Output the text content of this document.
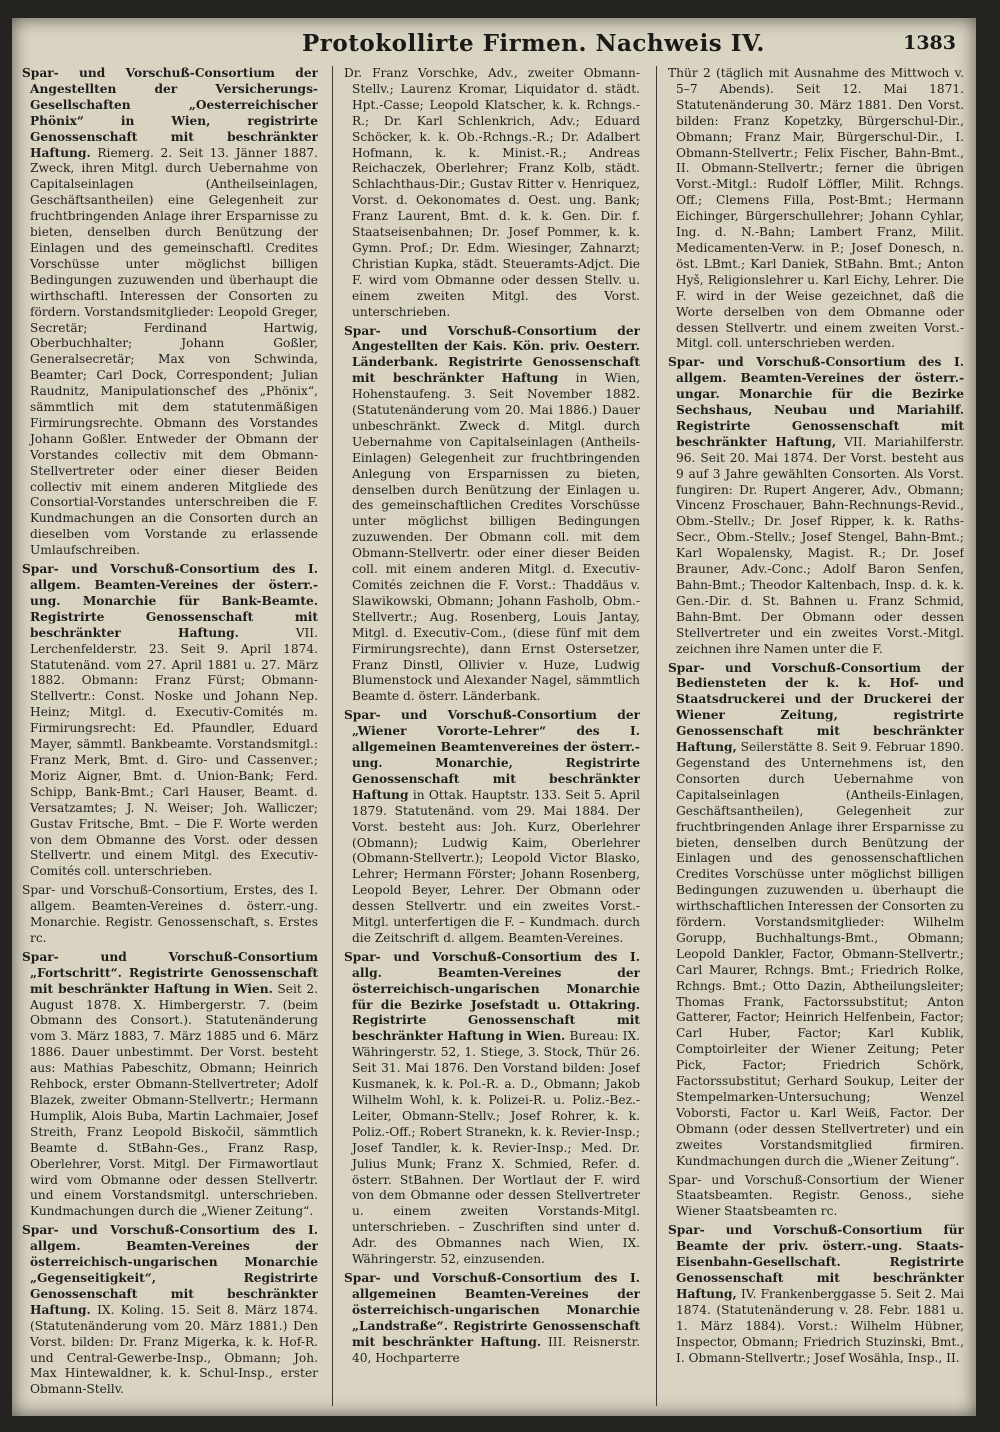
Protokollirte Firmen. Nachweis IV.	1383

Spar- und Vorschuß-Consortium der Angestellten der Versicherungs-Gesellschaften „Oesterreichischer Phönix“ in Wien, registrirte Genossenschaft mit beschränkter Haftung. Riemerg. 2. Seit 13. Jänner 1887. Zweck, ihren Mitgl. durch Uebernahme von Capitalseinlagen (Antheilseinlagen, Geschäftsantheilen) eine Gelegenheit zur fruchtbringenden Anlage ihrer Ersparnisse zu bieten, denselben durch Benützung der Einlagen und des gemeinschaftl. Credites Vorschüsse unter möglichst billigen Bedingungen zuzuwenden und überhaupt die wirthschaftl. Interessen der Consorten zu fördern. Vorstandsmitglieder: Leopold Greger, Secretär; Ferdinand Hartwig, Oberbuchhalter; Johann Goßler, Generalsecretär; Max von Schwinda, Beamter; Carl Dock, Correspondent; Julian Raudnitz, Manipulationschef des „Phönix“, sämmtlich mit dem statutenmäßigen Firmirungsrechte. Obmann des Vorstandes Johann Goßler. Entweder der Obmann der Vorstandes collectiv mit dem Obmann-Stellvertreter oder einer dieser Beiden collectiv mit einem anderen Mitgliede des Consortial-Vorstandes unterschreiben die F. Kundmachungen an die Consorten durch an dieselben vom Vorstande zu erlassende Umlaufschreiben.

Spar- und Vorschuß-Consortium des I. allgem. Beamten-Vereines der österr.-ung. Monarchie für Bank-Beamte. Registrirte Genossenschaft mit beschränkter Haftung.	VII. Lerchenfelderstr. 23. Seit 9. April 1874. Statutenänd. vom 27. April 1881 u. 27. März 1882. Obmann: Franz Fürst; Obmann-Stellvertr.: Const. Noske und Johann Nep. Heinz; Mitgl. d. Executiv-Comités m. Firmirungsrecht: Ed. Pfaundler, Eduard Mayer, sämmtl. Bankbeamte. Vorstandsmitgl.: Franz Merk, Bmt. d. Giro- und Cassenver.; Moriz Aigner, Bmt. d. Union-Bank; Ferd. Schipp, Bank-Bmt.; Carl Hauser, Beamt. d. Versatzamtes; J. N. Weiser; Joh. Walliczer; Gustav Fritsche, Bmt. – Die F. Worte werden von dem Obmanne des Vorst. oder dessen Stellvertr. und einem Mitgl. des Executiv-Comités coll. unterschrieben.

Spar- und Vorschuß-Consortium, Erstes, des I. allgem. Beamten-Vereines d. österr.-ung. Monarchie. Registr. Genossenschaft, s. Erstes rc.

Spar- und Vorschuß-Consortium „Fortschritt“. Registrirte Genossenschaft mit beschränkter Haftung in Wien. Seit 2. August 1878. X. Himbergerstr. 7. (beim Obmann des Consort.). Statutenänderung vom 3. März 1883, 7. März 1885 und 6. März 1886. Dauer unbestimmt. Der Vorst. besteht aus: Mathias Pabeschitz, Obmann; Heinrich Rehbock, erster Obmann-Stellvertreter; Adolf Blazek, zweiter Obmann-Stellvertr.; Hermann Humplik, Alois Buba, Martin Lachmaier, Josef Streith, Franz Leopold Biskočil, sämmtlich Beamte d. StBahn-Ges., Franz Rasp, Oberlehrer, Vorst. Mitgl. Der Firmawortlaut wird vom Obmanne oder dessen Stellvertr. und einem Vorstandsmitgl. unterschrieben. Kundmachungen durch die „Wiener Zeitung“.

Spar- und Vorschuß-Consortium des I. allgem. Beamten-Vereines der österreichisch-ungarischen Monarchie „Gegenseitigkeit“, Registrirte Genossenschaft mit beschränkter Haftung. IX. Koling. 15. Seit 8. März 1874. (Statutenänderung vom 20. März 1881.) Den Vorst. bilden: Dr. Franz Migerka, k. k. Hof-R. und Central-Gewerbe-Insp., Obmann; Joh. Max Hintewaldner, k. k. Schul-Insp., erster Obmann-Stellv.

Dr. Franz Vorschke, Adv., zweiter Obmann-Stellv.; Laurenz Kromar, Liquidator d. städt. Hpt.-Casse; Leopold Klatscher, k. k. Rchngs.-R.; Dr. Karl Schlenkrich, Adv.; Eduard Schöcker, k. k. Ob.-Rchngs.-R.; Dr. Adalbert Hofmann, k. k. Minist.-R.; Andreas Reichaczek, Oberlehrer; Franz Kolb, städt. Schlachthaus-Dir.; Gustav Ritter v. Henriquez, Vorst. d. Oekonomates d. Oest. ung. Bank; Franz Laurent, Bmt. d. k. k. Gen. Dir. f. Staatseisenbahnen; Dr. Josef Pommer, k. k. Gymn. Prof.; Dr. Edm. Wiesinger, Zahnarzt; Christian Kupka, städt. Steueramts-Adjct. Die F. wird vom Obmanne oder dessen Stellv. u. einem zweiten Mitgl. des Vorst. unterschrieben.

Spar- und Vorschuß-Consortium der Angestellten der Kais. Kön. priv. Oesterr. Länderbank. Registrirte Genossenschaft mit beschränkter Haftung in Wien, Hohenstaufeng. 3. Seit November 1882. (Statutenänderung vom 20. Mai 1886.) Dauer unbeschränkt. Zweck d. Mitgl. durch Uebernahme von Capitalseinlagen (Antheils-Einlagen) Gelegenheit zur fruchtbringenden Anlegung von Ersparnissen zu bieten, denselben durch Benützung der Einlagen u. des gemeinschaftlichen Credites Vorschüsse unter möglichst billigen Bedingungen zuzuwenden. Der Obmann coll. mit dem Obmann-Stellvertr. oder einer dieser Beiden coll. mit einem anderen Mitgl. d. Executiv-Comités zeichnen die F. Vorst.: Thaddäus v. Slawikowski, Obmann; Johann Fasholb, Obm.-Stellvertr.; Aug. Rosenberg, Louis Jantay, Mitgl. d. Executiv-Com., (diese fünf mit dem Firmirungsrechte), dann Ernst Ostersetzer, Franz Dinstl, Ollivier v. Huze, Ludwig Blumenstock und Alexander Nagel, sämmtlich Beamte d. österr. Länderbank.

Spar- und Vorschuß-Consortium der „Wiener Vororte-Lehrer“ des I. allgemeinen Beamtenvereines der österr.-ung. Monarchie, Registrirte Genossenschaft mit beschränkter Haftung in Ottak. Hauptstr. 133. Seit 5. April 1879. Statutenänd. vom 29. Mai 1884. Der Vorst. besteht aus: Joh. Kurz, Oberlehrer (Obmann); Ludwig Kaim, Oberlehrer (Obmann-Stellvertr.); Leopold Victor Blasko, Lehrer; Hermann Förster; Johann Rosenberg, Leopold Beyer, Lehrer. Der Obmann oder dessen Stellvertr. und ein zweites Vorst.-Mitgl. unterfertigen die F. – Kundmach. durch die Zeitschrift d. allgem. Beamten-Vereines.

Spar- und Vorschuß-Consortium des I. allg. Beamten-Vereines der österreichisch-ungarischen Monarchie für die Bezirke Josefstadt u. Ottakring. Registrirte Genossenschaft mit beschränkter Haftung in Wien. Bureau: IX. Währingerstr. 52, 1. Stiege, 3. Stock, Thür 26. Seit 31. Mai 1876. Den Vorstand bilden: Josef Kusmanek, k. k. Pol.-R. a. D., Obmann; Jakob Wilhelm Wohl, k. k. Polizei-R. u. Poliz.-Bez.-Leiter, Obmann-Stellv.; Josef Rohrer, k. k. Poliz.-Off.; Robert Stranekn, k. k. Revier-Insp.; Josef Tandler, k. k. Revier-Insp.; Med. Dr. Julius Munk; Franz X. Schmied, Refer. d. österr. StBahnen. Der Wortlaut der F. wird von dem Obmanne oder dessen Stellvertreter u. einem zweiten Vorstands-Mitgl. unterschrieben. – Zuschriften sind unter d. Adr. des Obmannes nach Wien, IX. Währingerstr. 52, einzusenden.

Spar- und Vorschuß-Consortium des I. allgemeinen Beamten-Vereines der österreichisch-ungarischen Monarchie „Landstraße“. Registrirte Genossenschaft mit beschränkter Haftung. III. Reisnerstr. 40, Hochparterre

Thür 2 (täglich mit Ausnahme des Mittwoch v. 5–7 Abends). Seit 12. Mai 1871. Statutenänderung 30. März 1881. Den Vorst. bilden: Franz Kopetzky, Bürgerschul-Dir., Obmann; Franz Mair, Bürgerschul-Dir., I. Obmann-Stellvertr.; Felix Fischer, Bahn-Bmt., II. Obmann-Stellvertr.; ferner die übrigen Vorst.-Mitgl.: Rudolf Löffler, Milit. Rchngs. Off.; Clemens Filla, Post-Bmt.; Hermann Eichinger, Bürgerschullehrer; Johann Cyhlar, Ing. d. N.-Bahn; Lambert Franz, Milit. Medicamenten-Verw. in P.; Josef Donesch, n. öst. LBmt.; Karl Daniek, StBahn. Bmt.; Anton Hyš, Religionslehrer u. Karl Eichy, Lehrer. Die F. wird in der Weise gezeichnet, daß die Worte derselben von dem Obmanne oder dessen Stellvertr. und einem zweiten Vorst.-Mitgl. coll. unterschrieben werden.

Spar- und Vorschuß-Consortium des I. allgem. Beamten-Vereines der österr.-ungar. Monarchie für die Bezirke Sechshaus, Neubau und Mariahilf. Registrirte Genossenschaft mit beschränkter Haftung, VII. Mariahilferstr. 96. Seit 20. Mai 1874. Der Vorst. besteht aus 9 auf 3 Jahre gewählten Consorten. Als Vorst. fungiren: Dr. Rupert Angerer, Adv., Obmann; Vincenz Froschauer, Bahn-Rechnungs-Revid., Obm.-Stellv.; Dr. Josef Ripper, k. k. Raths-Secr., Obm.-Stellv.; Josef Stengel, Bahn-Bmt.; Karl Wopalensky, Magist. R.; Dr. Josef Brauner, Adv.-Conc.; Adolf Baron Senfen, Bahn-Bmt.; Theodor Kaltenbach, Insp. d. k. k. Gen.-Dir. d. St. Bahnen u. Franz Schmid, Bahn-Bmt. Der Obmann oder dessen Stellvertreter und ein zweites Vorst.-Mitgl. zeichnen ihre Namen unter die F.

Spar- und Vorschuß-Consortium der Bediensteten der k. k. Hof- und Staatsdruckerei und der Druckerei der Wiener Zeitung, registrirte Genossenschaft mit beschränkter Haftung, Seilerstätte 8. Seit 9. Februar 1890. Gegenstand des Unternehmens ist, den Consorten durch Uebernahme von Capitalseinlagen (Antheils-Einlagen, Geschäftsantheilen), Gelegenheit zur fruchtbringenden Anlage ihrer Ersparnisse zu bieten, denselben durch Benützung der Einlagen und des genossenschaftlichen Credites Vorschüsse unter möglichst billigen Bedingungen zuzuwenden u. überhaupt die wirthschaftlichen Interessen der Consorten zu fördern. Vorstandsmitglieder: Wilhelm Gorupp, Buchhaltungs-Bmt., Obmann; Leopold Dankler, Factor, Obmann-Stellvertr.; Carl Maurer, Rchngs. Bmt.; Friedrich Rolke, Rchngs. Bmt.; Otto Dazin, Abtheilungsleiter; Thomas Frank, Factorssubstitut; Anton Gatterer, Factor; Heinrich Helfenbein, Factor; Carl Huber, Factor; Karl Kublik, Comptoirleiter der Wiener Zeitung; Peter Pick, Factor; Friedrich Schörk, Factorssubstitut; Gerhard Soukup, Leiter der Stempelmarken-Untersuchung; Wenzel Voborsti, Factor u. Karl Weiß, Factor. Der Obmann (oder dessen Stellvertreter) und ein zweites Vorstandsmitglied firmiren. Kundmachungen durch die „Wiener Zeitung“.

Spar- und Vorschuß-Consortium der Wiener Staatsbeamten. Registr. Genoss., siehe Wiener Staatsbeamten rc.

Spar- und Vorschuß-Consortium für Beamte der priv. österr.-ung. Staats-Eisenbahn-Gesellschaft. Registrirte Genossenschaft mit beschränkter Haftung, IV. Frankenberggasse 5. Seit 2. Mai 1874. (Statutenänderung v. 28. Febr. 1881 u. 1. März 1884). Vorst.: Wilhelm Hübner, Inspector, Obmann; Friedrich Stuzinski, Bmt., I. Obmann-Stellvertr.; Josef Wosähla, Insp., II.
